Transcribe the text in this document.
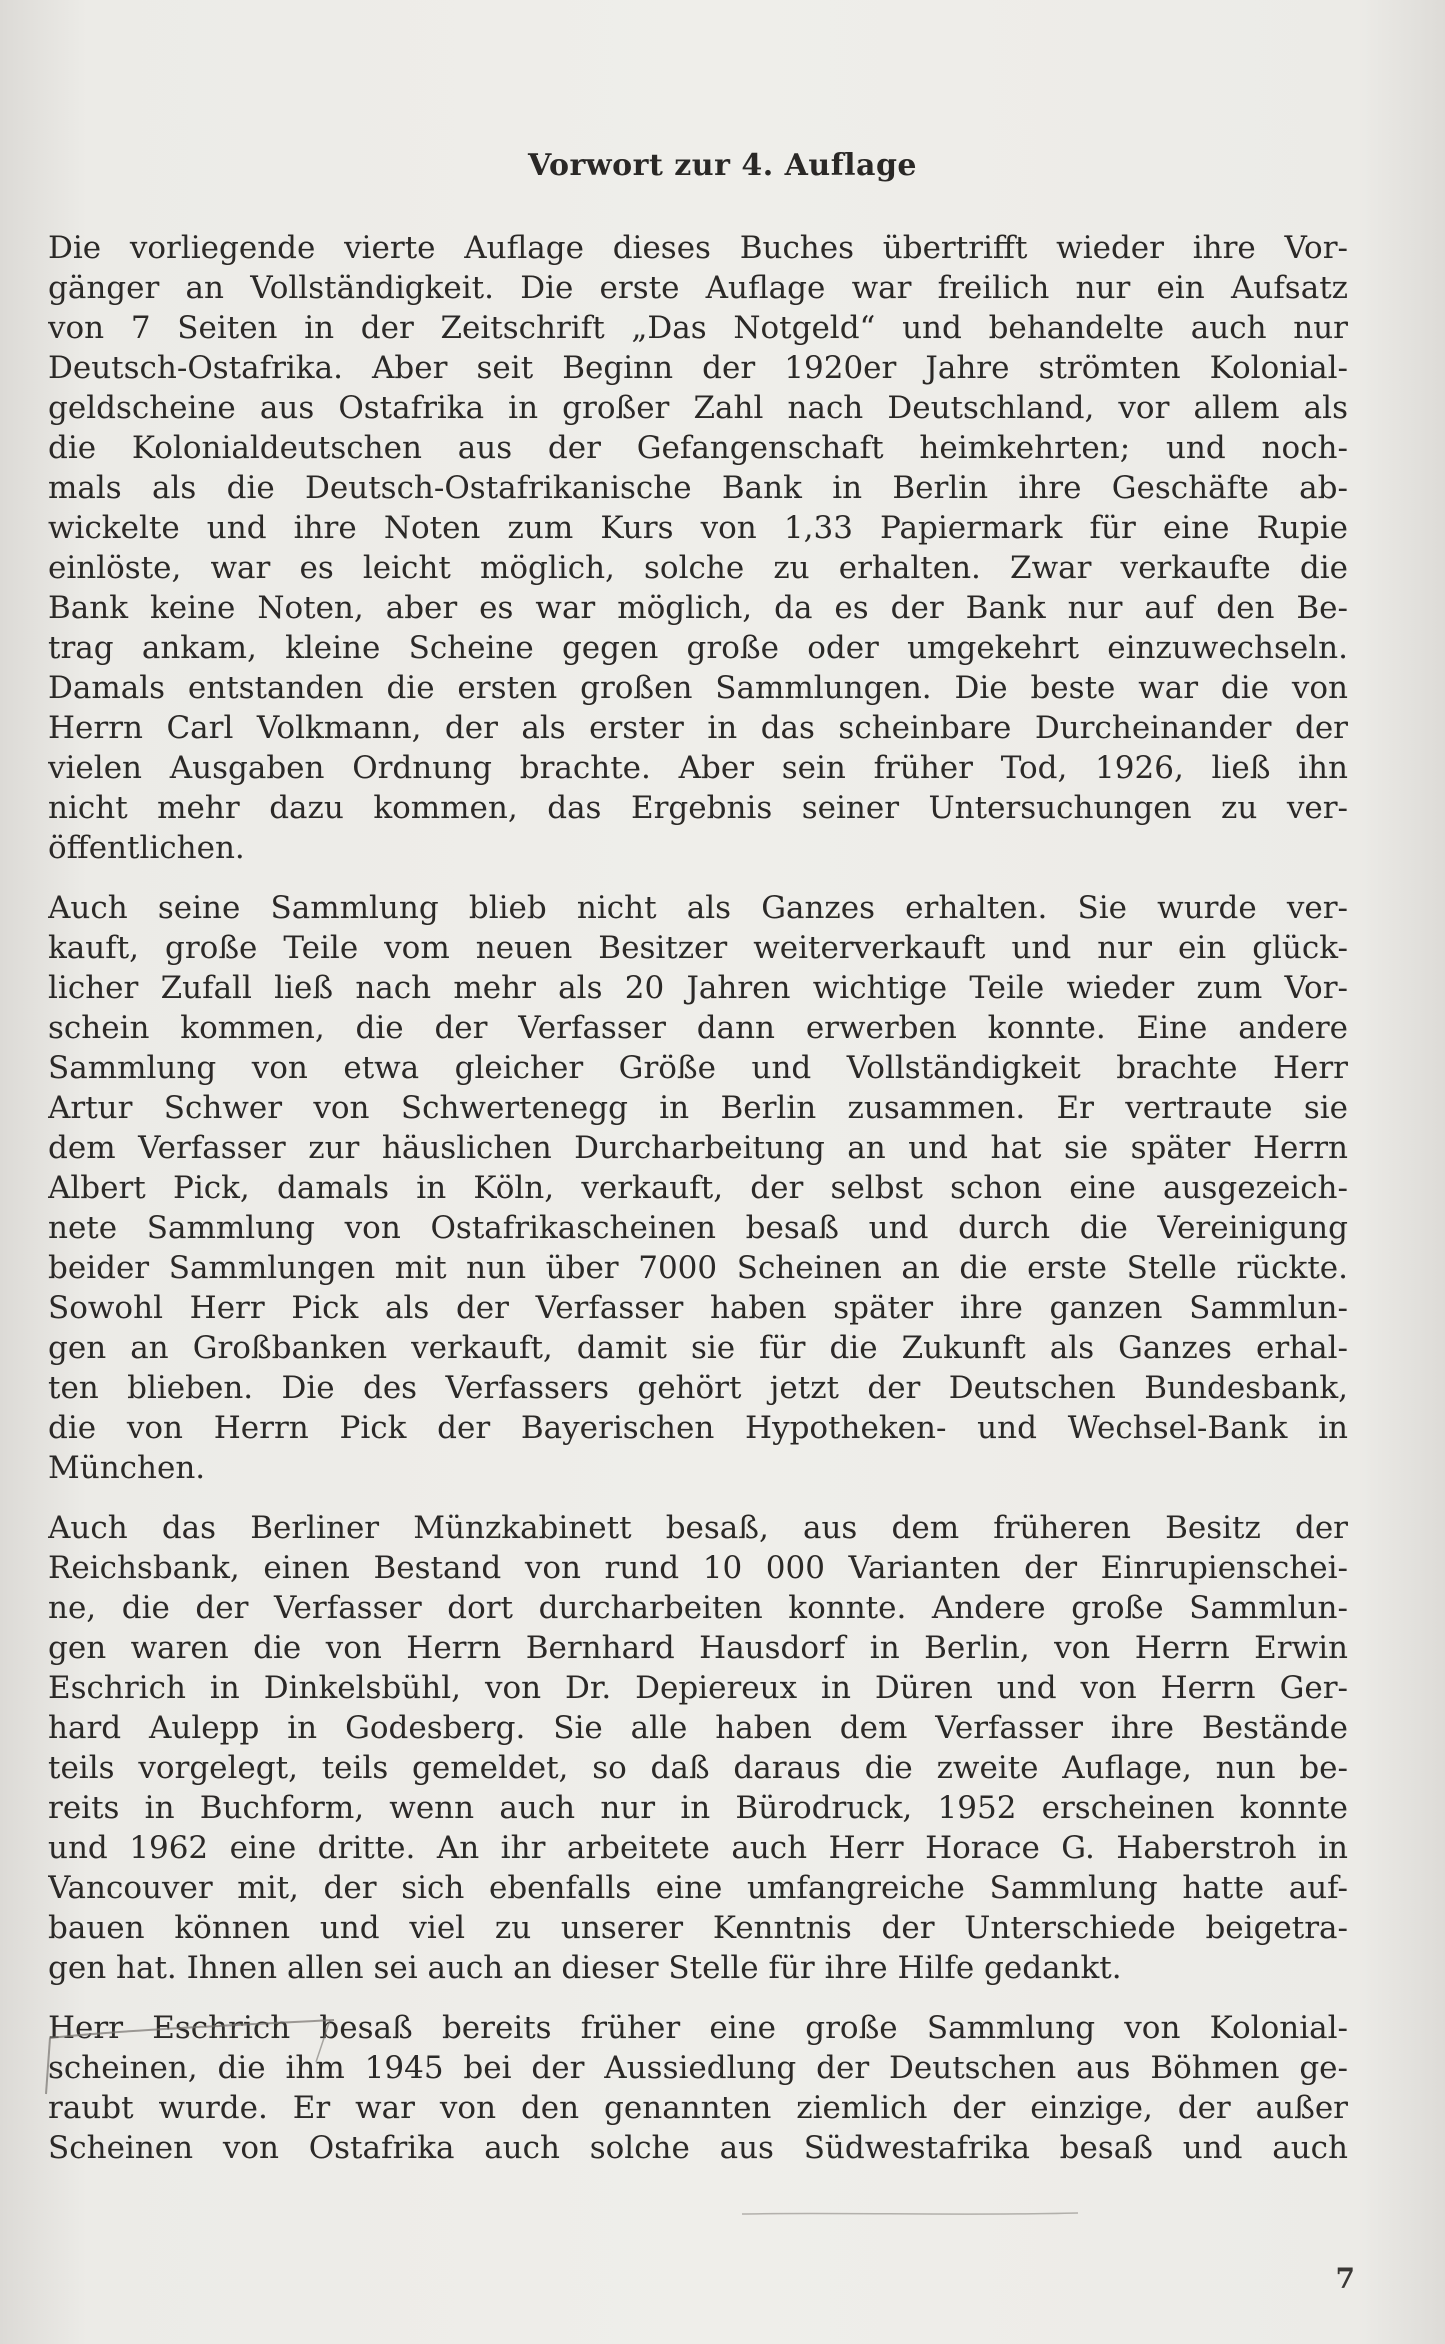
Vorwort zur 4. Auflage
Die vorliegende vierte Auflage dieses Buches übertrifft wieder ihre Vor-
gänger an Vollständigkeit. Die erste Auflage war freilich nur ein Aufsatz
von 7 Seiten in der Zeitschrift „Das Notgeld“ und behandelte auch nur
Deutsch-Ostafrika. Aber seit Beginn der 1920er Jahre strömten Kolonial-
geldscheine aus Ostafrika in großer Zahl nach Deutschland, vor allem als
die Kolonialdeutschen aus der Gefangenschaft heimkehrten; und noch-
mals als die Deutsch-Ostafrikanische Bank in Berlin ihre Geschäfte ab-
wickelte und ihre Noten zum Kurs von 1,33 Papiermark für eine Rupie
einlöste, war es leicht möglich, solche zu erhalten. Zwar verkaufte die
Bank keine Noten, aber es war möglich, da es der Bank nur auf den Be-
trag ankam, kleine Scheine gegen große oder umgekehrt einzuwechseln.
Damals entstanden die ersten großen Sammlungen. Die beste war die von
Herrn Carl Volkmann, der als erster in das scheinbare Durcheinander der
vielen Ausgaben Ordnung brachte. Aber sein früher Tod, 1926, ließ ihn
nicht mehr dazu kommen, das Ergebnis seiner Untersuchungen zu ver-
öffentlichen.
Auch seine Sammlung blieb nicht als Ganzes erhalten. Sie wurde ver-
kauft, große Teile vom neuen Besitzer weiterverkauft und nur ein glück-
licher Zufall ließ nach mehr als 20 Jahren wichtige Teile wieder zum Vor-
schein kommen, die der Verfasser dann erwerben konnte. Eine andere
Sammlung von etwa gleicher Größe und Vollständigkeit brachte Herr
Artur Schwer von Schwertenegg in Berlin zusammen. Er vertraute sie
dem Verfasser zur häuslichen Durcharbeitung an und hat sie später Herrn
Albert Pick, damals in Köln, verkauft, der selbst schon eine ausgezeich-
nete Sammlung von Ostafrikascheinen besaß und durch die Vereinigung
beider Sammlungen mit nun über 7000 Scheinen an die erste Stelle rückte.
Sowohl Herr Pick als der Verfasser haben später ihre ganzen Sammlun-
gen an Großbanken verkauft, damit sie für die Zukunft als Ganzes erhal-
ten blieben. Die des Verfassers gehört jetzt der Deutschen Bundesbank,
die von Herrn Pick der Bayerischen Hypotheken- und Wechsel-Bank in
München.
Auch das Berliner Münzkabinett besaß, aus dem früheren Besitz der
Reichsbank, einen Bestand von rund 10 000 Varianten der Einrupienschei-
ne, die der Verfasser dort durcharbeiten konnte. Andere große Sammlun-
gen waren die von Herrn Bernhard Hausdorf in Berlin, von Herrn Erwin
Eschrich in Dinkelsbühl, von Dr. Depiereux in Düren und von Herrn Ger-
hard Aulepp in Godesberg. Sie alle haben dem Verfasser ihre Bestände
teils vorgelegt, teils gemeldet, so daß daraus die zweite Auflage, nun be-
reits in Buchform, wenn auch nur in Bürodruck, 1952 erscheinen konnte
und 1962 eine dritte. An ihr arbeitete auch Herr Horace G. Haberstroh in
Vancouver mit, der sich ebenfalls eine umfangreiche Sammlung hatte auf-
bauen können und viel zu unserer Kenntnis der Unterschiede beigetra-
gen hat. Ihnen allen sei auch an dieser Stelle für ihre Hilfe gedankt.
Herr Eschrich besaß bereits früher eine große Sammlung von Kolonial-
scheinen, die ihm 1945 bei der Aussiedlung der Deutschen aus Böhmen ge-
raubt wurde. Er war von den genannten ziemlich der einzige, der außer
Scheinen von Ostafrika auch solche aus Südwestafrika besaß und auch
7
